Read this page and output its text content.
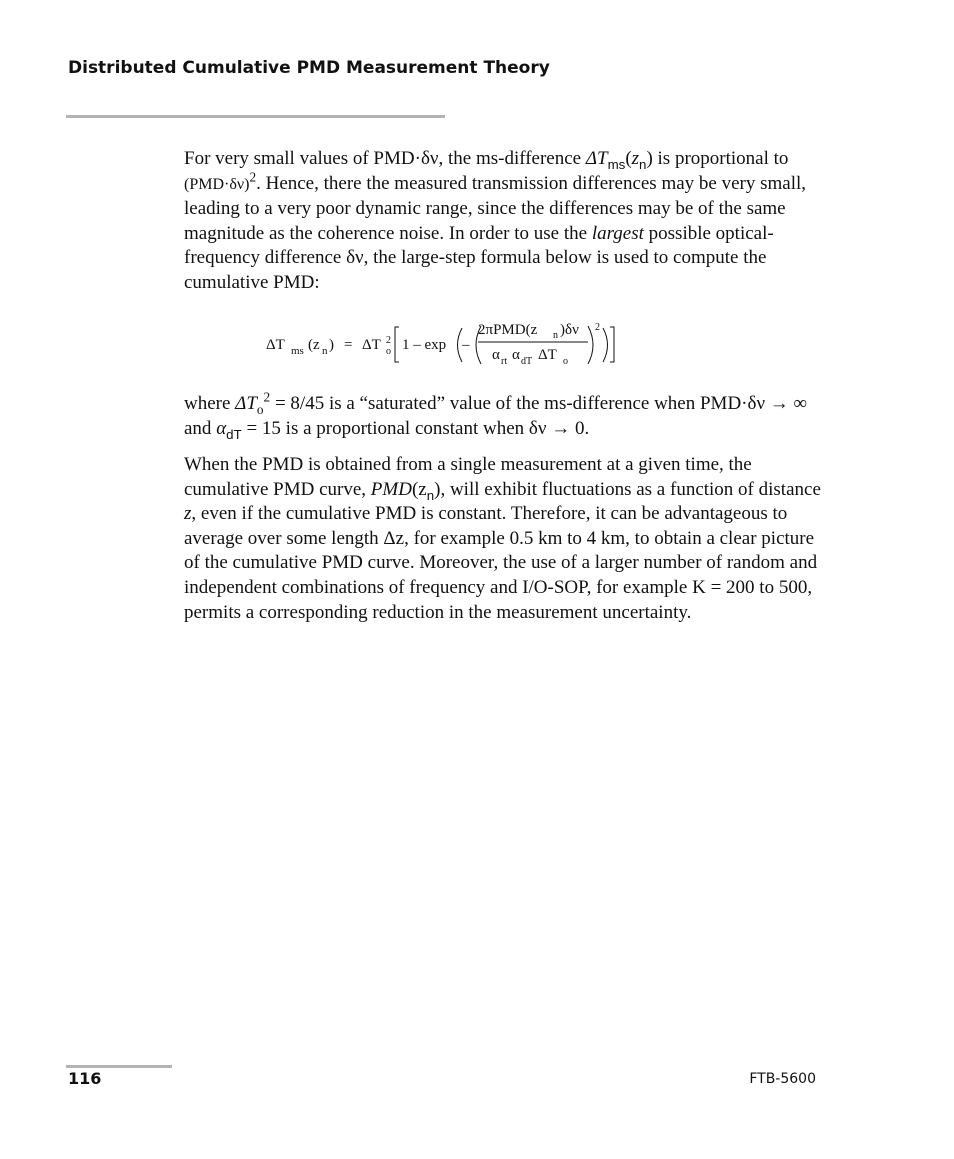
Distributed Cumulative PMD Measurement Theory

For very small values of PMD·δν, the ms-difference $\Delta T_{ms}(z_n)$ is proportional to $(PMD\cdot\delta\nu)^2$. Hence, there the measured transmission differences may be very small, leading to a very poor dynamic range, since the differences may be of the same magnitude as the coherence noise. In order to use the largest possible optical-frequency difference δν, the large-step formula below is used to compute the cumulative PMD:

ΔT ms (z n ) = ΔT 2
o 1 – exp –
2πPMD(z n )δν
α rt α dT ΔT o
2

where $\Delta T_o^2 = 8/45$ is a “saturated” value of the ms-difference when PMD·δν → ∞ and $\alpha_{dT} = 15$ is a proportional constant when δν → 0.

When the PMD is obtained from a single measurement at a given time, the cumulative PMD curve, $PMD(z_n)$, will exhibit fluctuations as a function of distance z, even if the cumulative PMD is constant. Therefore, it can be advantageous to average over some length Δz, for example 0.5 km to 4 km, to obtain a clear picture of the cumulative PMD curve. Moreover, the use of a larger number of random and independent combinations of frequency and I/O-SOP, for example K = 200 to 500, permits a corresponding reduction in the measurement uncertainty.

116	FTB-5600
